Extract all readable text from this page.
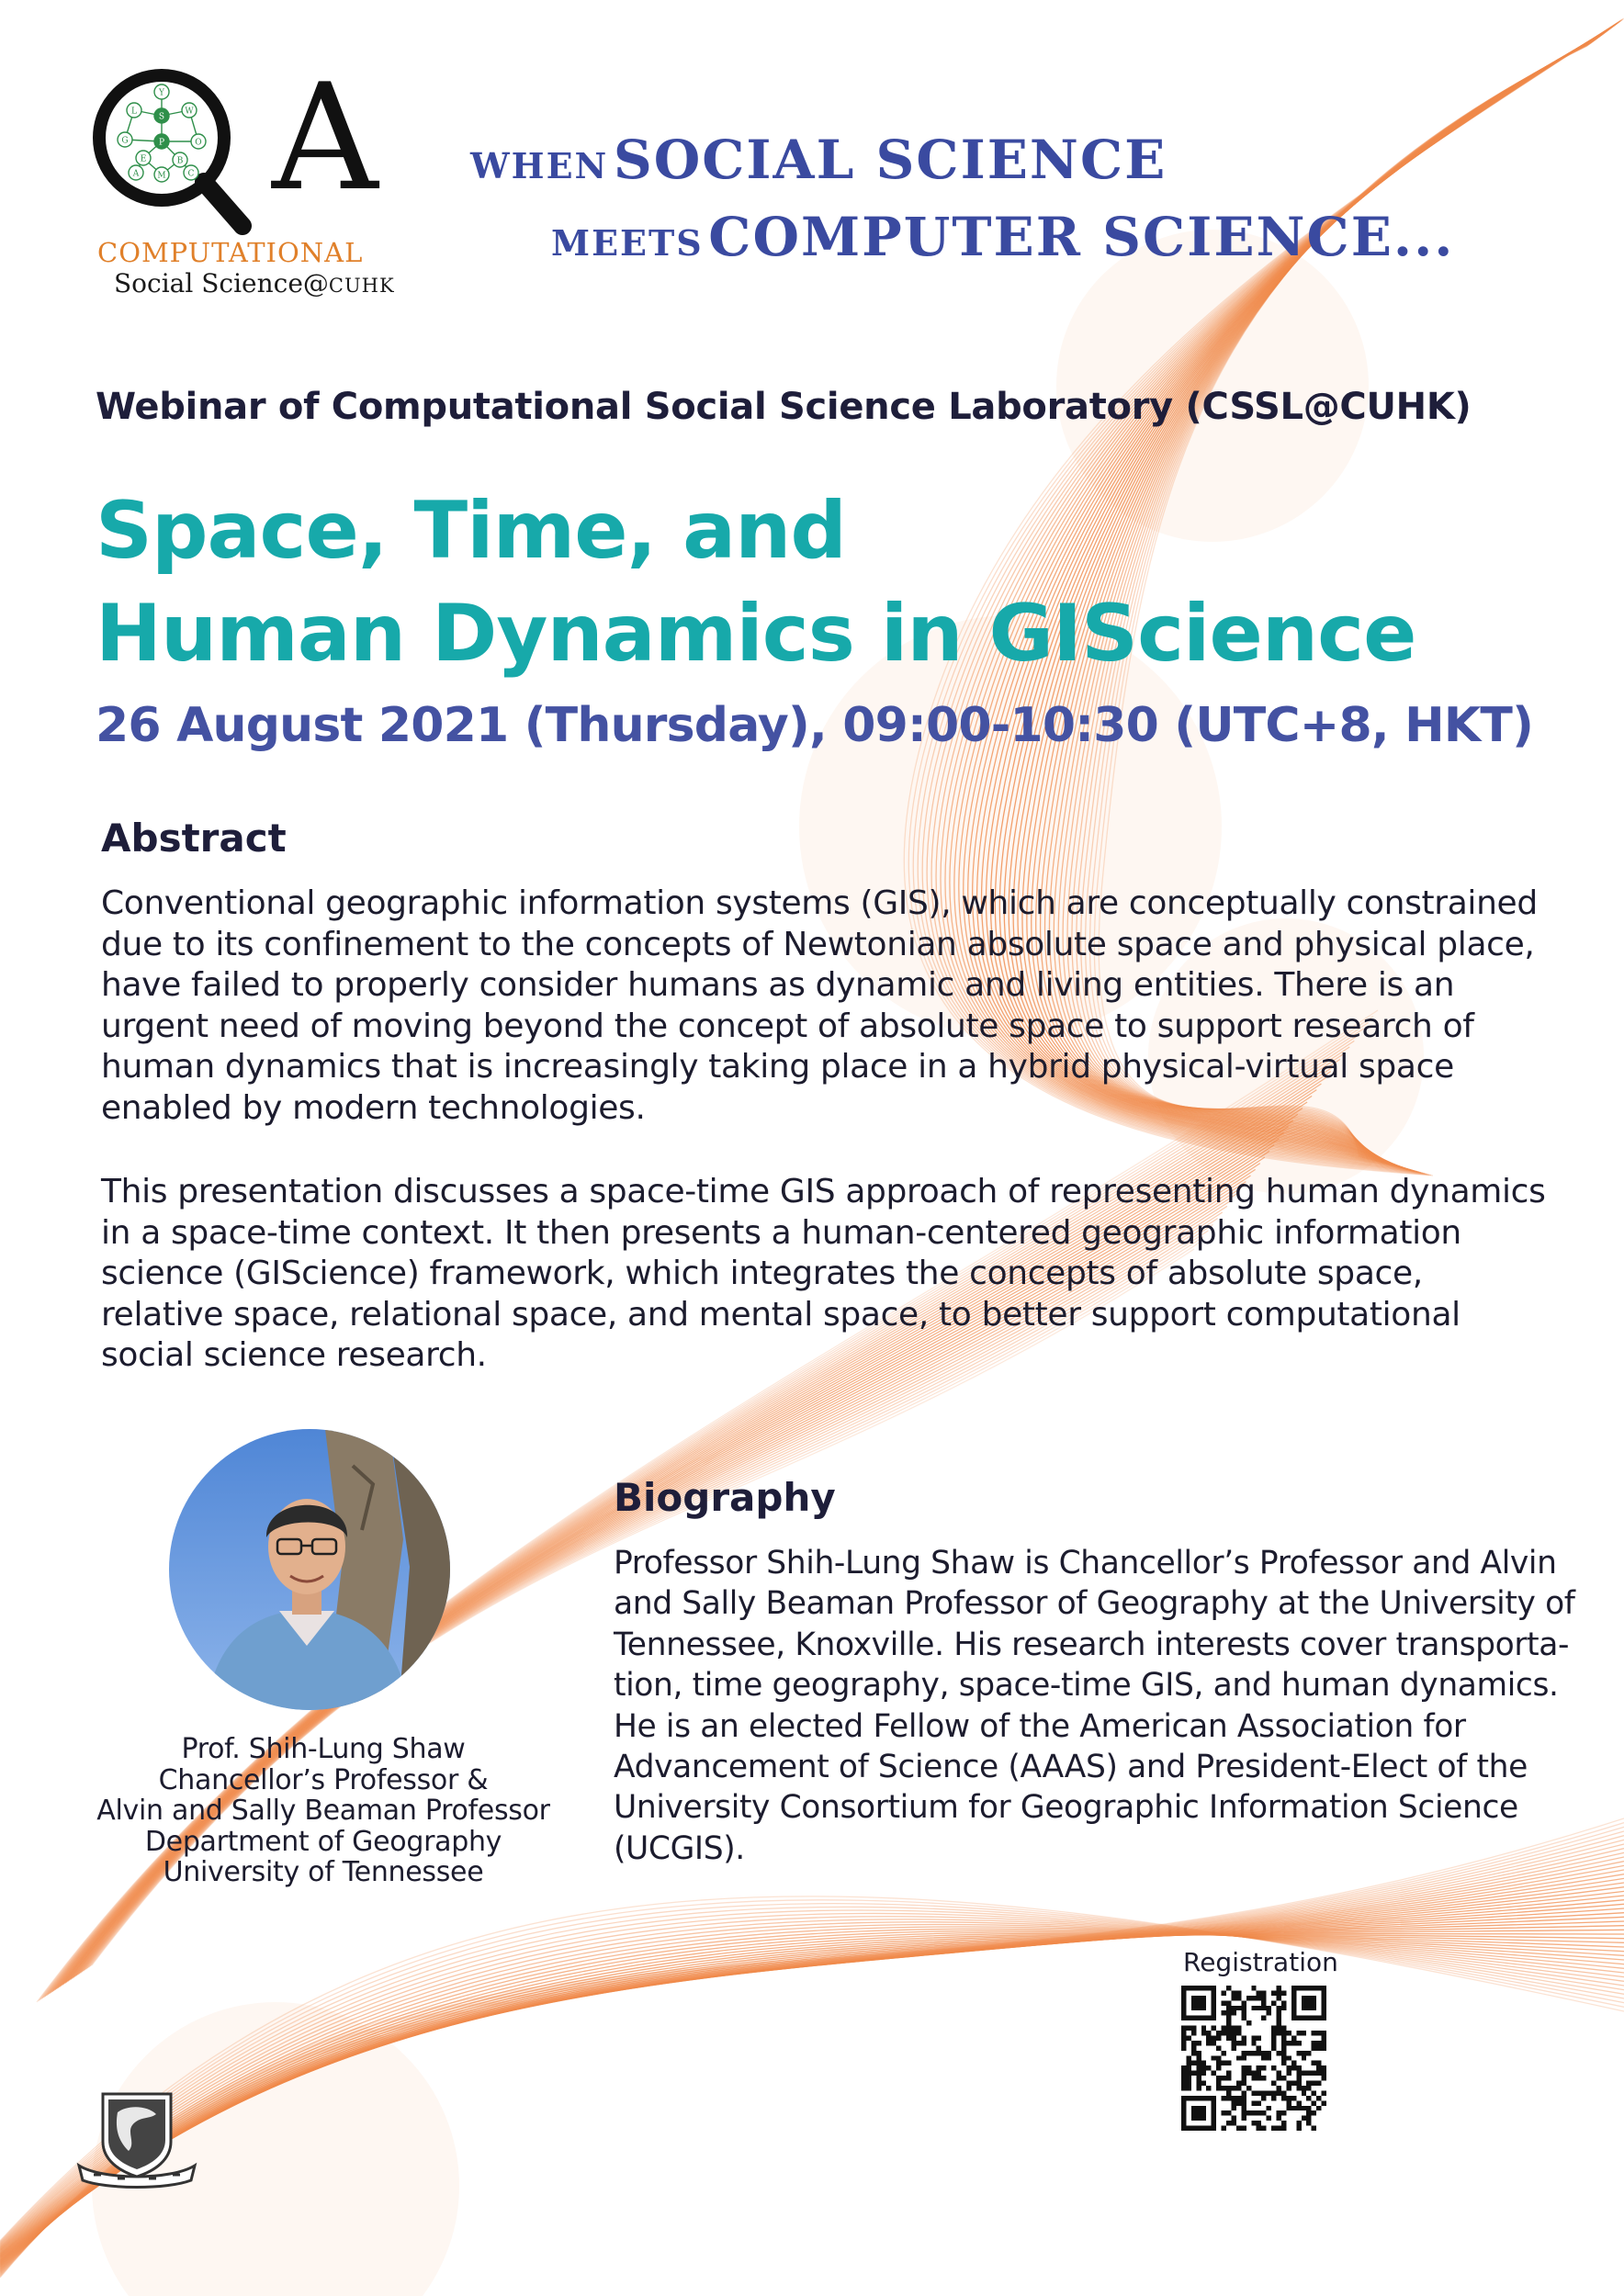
Y
L
S
W
G	P	O
E	B
M
A	C A
COMPUTATIONAL
Social Science@CUHK
WHEN SOCIAL SCIENCE
MEETS COMPUTER SCIENCE...
Webinar of Computational Social Science Laboratory (CSSL@CUHK)
Space, Time, and
Human Dynamics in GIScience
26 August 2021 (Thursday), 09:00-10:30 (UTC+8, HKT)
Abstract
Conventional geographic information systems (GIS), which are conceptually constrained
due to its confinement to the concepts of Newtonian absolute space and physical place,
have failed to properly consider humans as dynamic and living entities. There is an
urgent need of moving beyond the concept of absolute space to support research of
human dynamics that is increasingly taking place in a hybrid physical-virtual space
enabled by modern technologies.
This presentation discusses a space-time GIS approach of representing human dynamics
in a space-time context. It then presents a human-centered geographic information
science (GIScience) framework, which integrates the concepts of absolute space,
relative space, relational space, and mental space, to better support computational
social science research.
Prof. Shih-Lung Shaw
Chancellor’s Professor &
Alvin and Sally Beaman Professor
Department of Geography
University of Tennessee
Biography
Professor Shih-Lung Shaw is Chancellor’s Professor and Alvin
and Sally Beaman Professor of Geography at the University of
Tennessee, Knoxville. His research interests cover transporta-
tion, time geography, space-time GIS, and human dynamics.
He is an elected Fellow of the American Association for
Advancement of Science (AAAS) and President-Elect of the
University Consortium for Geographic Information Science
(UCGIS).
Registration
